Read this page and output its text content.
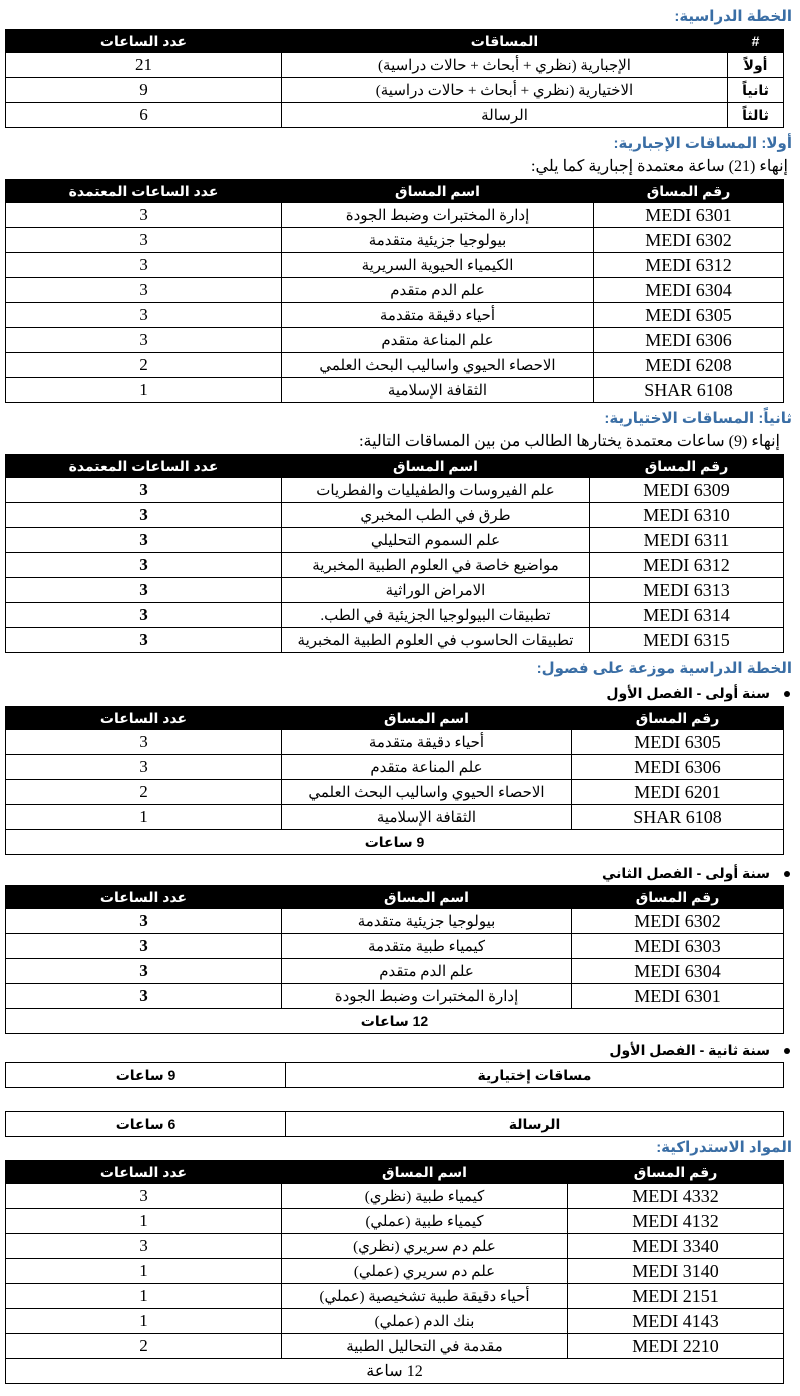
الخطة الدراسية:
#	المساقات	عدد الساعات
أولاً	الإجبارية (نظري + أبحاث + حالات دراسية)	21
ثانياً	الاختيارية (نظري + أبحاث + حالات دراسية)	9
ثالثاً	الرسالة	6
أولا: المساقات الإجبارية:
إنهاء (21) ساعة معتمدة إجبارية كما يلي:
رقم المساق	اسم المساق	عدد الساعات المعتمدة
MEDI 6301	إدارة المختبرات وضبط الجودة	3
MEDI 6302	بيولوجيا جزيئية متقدمة	3
MEDI 6312	الكيمياء الحيوية السريرية	3
MEDI 6304	علم الدم متقدم	3
MEDI 6305	أحياء دقيقة متقدمة	3
MEDI 6306	علم المناعة متقدم	3
MEDI 6208	الاحصاء الحيوي واساليب البحث العلمي	2
SHAR 6108	الثقافة الإسلامية	1
ثانياً: المساقات الاختيارية:
إنهاء (9) ساعات معتمدة يختارها الطالب من بين المساقات التالية:
رقم المساق	اسم المساق	عدد الساعات المعتمدة
MEDI 6309	علم الفيروسات والطفيليات والفطريات	3
MEDI 6310	طرق في الطب المخبري	3
MEDI 6311	علم السموم التحليلي	3
MEDI 6312	مواضيع خاصة في العلوم الطبية المخبرية	3
MEDI 6313	الامراض الوراثية	3
MEDI 6314	تطبيقات البيولوجيا الجزيئية في الطب.	3
MEDI 6315	تطبيقات الحاسوب في العلوم الطبية المخبرية	3
الخطة الدراسية موزعة على فصول:
سنة أولى - الفصل الأول
رقم المساق	اسم المساق	عدد الساعات
MEDI 6305	أحياء دقيقة متقدمة	3
MEDI 6306	علم المناعة متقدم	3
MEDI 6201	الاحصاء الحيوي واساليب البحث العلمي	2
SHAR 6108	الثقافة الإسلامية	1
9 ساعات		
سنة أولى - الفصل الثاني
رقم المساق	اسم المساق	عدد الساعات
MEDI 6302	بيولوجيا جزيئية متقدمة	3
MEDI 6303	كيمياء طبية متقدمة	3
MEDI 6304	علم الدم متقدم	3
MEDI 6301	إدارة المختبرات وضبط الجودة	3
12 ساعات		
سنة ثانية - الفصل الأول
مساقات إختيارية	9 ساعات
الرسالة	6 ساعات
المواد الاستدراكية:
رقم المساق	اسم المساق	عدد الساعات
MEDI 4332	كيمياء طبية (نظري)	3
MEDI 4132	كيمياء طبية (عملي)	1
MEDI 3340	علم دم سريري (نظري)	3
MEDI 3140	علم دم سريري (عملي)	1
MEDI 2151	أحياء دقيقة طبية تشخيصية (عملي)	1
MEDI 4143	بنك الدم (عملي)	1
MEDI 2210	مقدمة في التحاليل الطبية	2
12 ساعة		
